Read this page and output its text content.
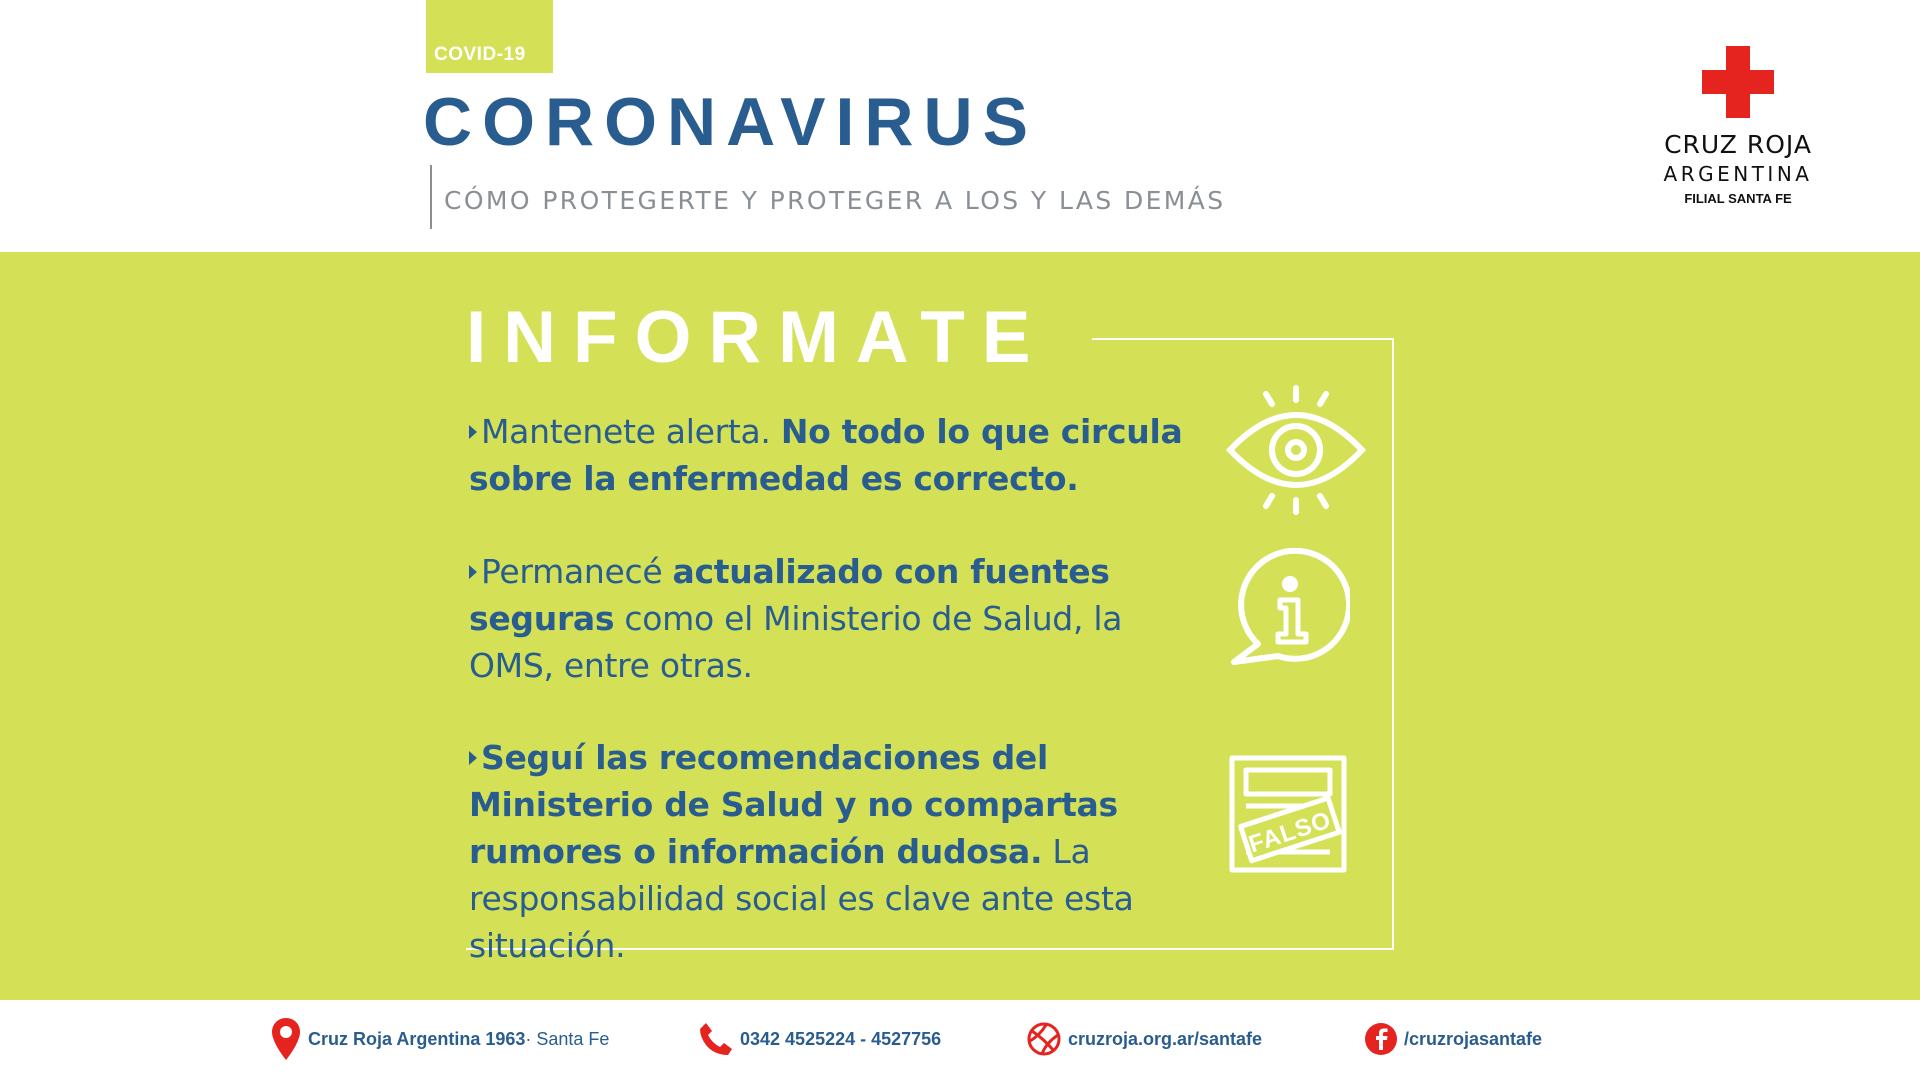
COVID-19
CORONAVIRUS
CÓMO PROTEGERTE Y PROTEGER A LOS Y LAS DEMÁS
CRUZ ROJA
ARGENTINA
FILIAL SANTA FE
INFORMATE
Mantenete alerta. No todo lo que circula sobre la enfermedad es correcto.
Permanecé actualizado con fuentes seguras como el Ministerio de Salud, la OMS, entre otras.
Seguí las recomendaciones del Ministerio de Salud y no compartas rumores o información dudosa. La responsabilidad social es clave ante esta situación.
FALSO
Cruz Roja Argentina 1963 · Santa Fe	0342 4525224 - 4527756	cruzroja.org.ar/santafe	/cruzrojasantafe
